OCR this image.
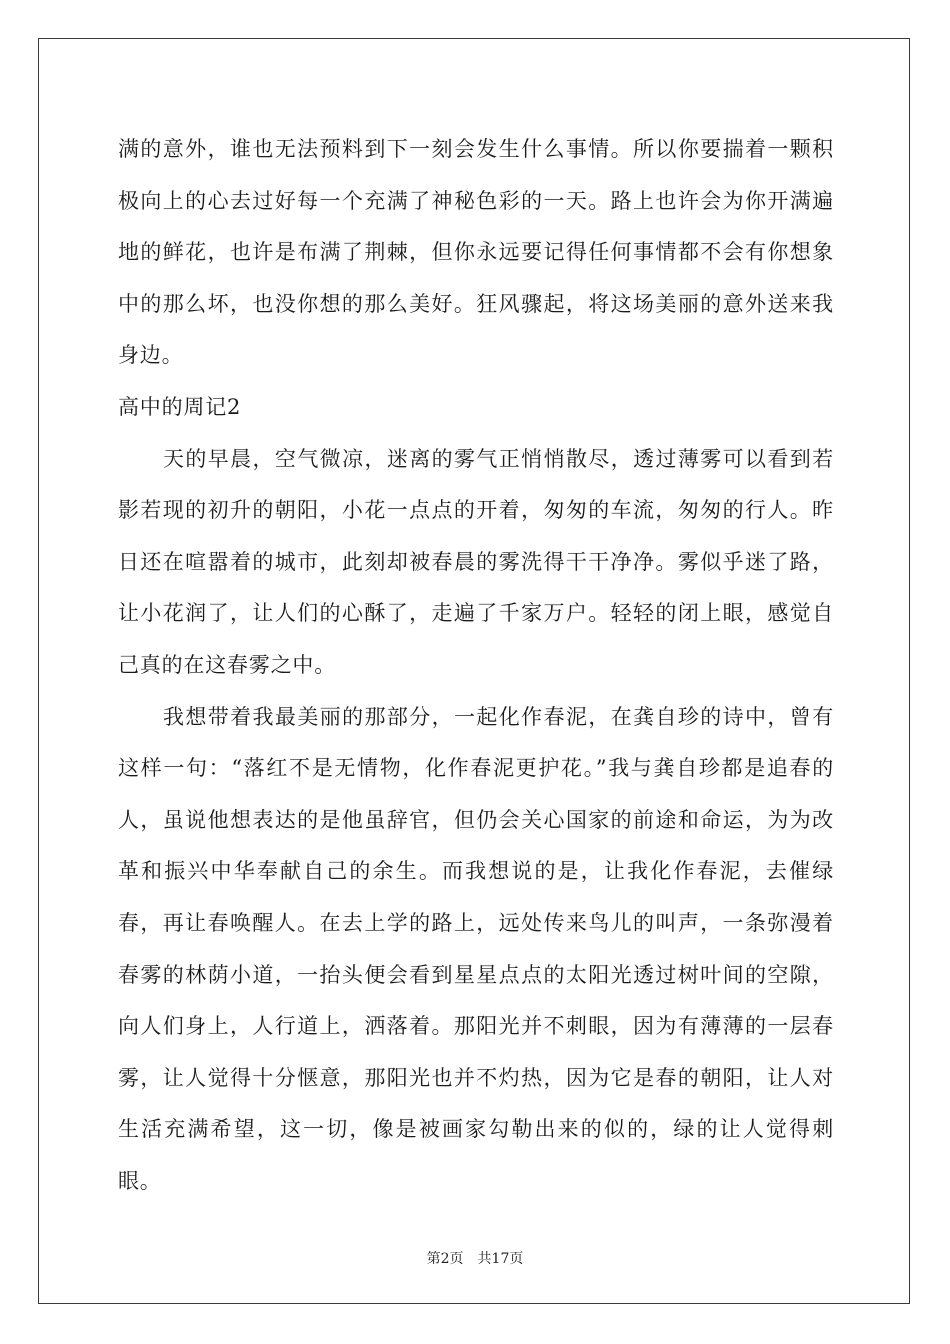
满的意外，谁也无法预料到下一刻会发生什么事情。所以你要揣着一颗积极向上的心去过好每一个充满了神秘色彩的一天。路上也许会为你开满遍地的鲜花，也许是布满了荆棘，但你永远要记得任何事情都不会有你想象中的那么坏，也没你想的那么美好。狂风骤起，将这场美丽的意外送来我身边。

高中的周记2

天的早晨，空气微凉，迷离的雾气正悄悄散尽，透过薄雾可以看到若影若现的初升的朝阳，小花一点点的开着，匆匆的车流，匆匆的行人。昨日还在喧嚣着的城市，此刻却被春晨的雾洗得干干净净。雾似乎迷了路，让小花润了，让人们的心酥了，走遍了千家万户。轻轻的闭上眼，感觉自己真的在这春雾之中。

我想带着我最美丽的那部分，一起化作春泥，在龚自珍的诗中，曾有这样一句：“落红不是无情物，化作春泥更护花。”我与龚自珍都是追春的人，虽说他想表达的是他虽辞官，但仍会关心国家的前途和命运，为为改革和振兴中华奉献自己的余生。而我想说的是，让我化作春泥，去催绿春，再让春唤醒人。在去上学的路上，远处传来鸟儿的叫声，一条弥漫着春雾的林荫小道，一抬头便会看到星星点点的太阳光透过树叶间的空隙，向人们身上，人行道上，洒落着。那阳光并不刺眼，因为有薄薄的一层春雾，让人觉得十分惬意，那阳光也并不灼热，因为它是春的朝阳，让人对生活充满希望，这一切，像是被画家勾勒出来的似的，绿的让人觉得刺眼。

第2页 共17页
